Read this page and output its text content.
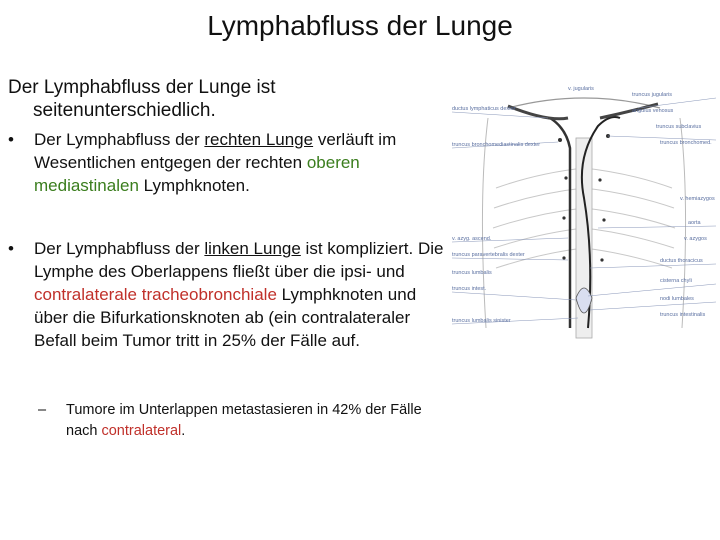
Lymphabfluss der Lunge
Der Lymphabfluss der Lunge ist
seitenunterschiedlich.
• Der Lymphabfluss der rechten Lunge verläuft im Wesentlichen entgegen der rechten oberen mediastinalen Lymphknoten.
• Der Lymphabfluss der linken Lunge ist kompliziert. Die Lymphe des Oberlappens fließt über die ipsi- und contralaterale tracheobronchiale Lymphknoten und über die Bifurkationsknoten ab (ein contralateraler Befall beim Tumor tritt in 25% der Fälle auf.
– Tumore im Unterlappen metastasieren in 42% der Fälle nach contralateral.
v. jugularis
ductus lymphaticus dexter
truncus bronchomediastinalis dexter
v. azyg. ascend.
truncus paravertebralis dexter
truncus lumbalis
truncus intest.
truncus lumbalis sinister
truncus jugularis
angulus venosus
truncus subclavius
truncus bronchomed.
v. hemiazygos
aorta
v. azygos
ductus thoracicus
cisterna chyli
nodi lumbales
truncus intestinalis
